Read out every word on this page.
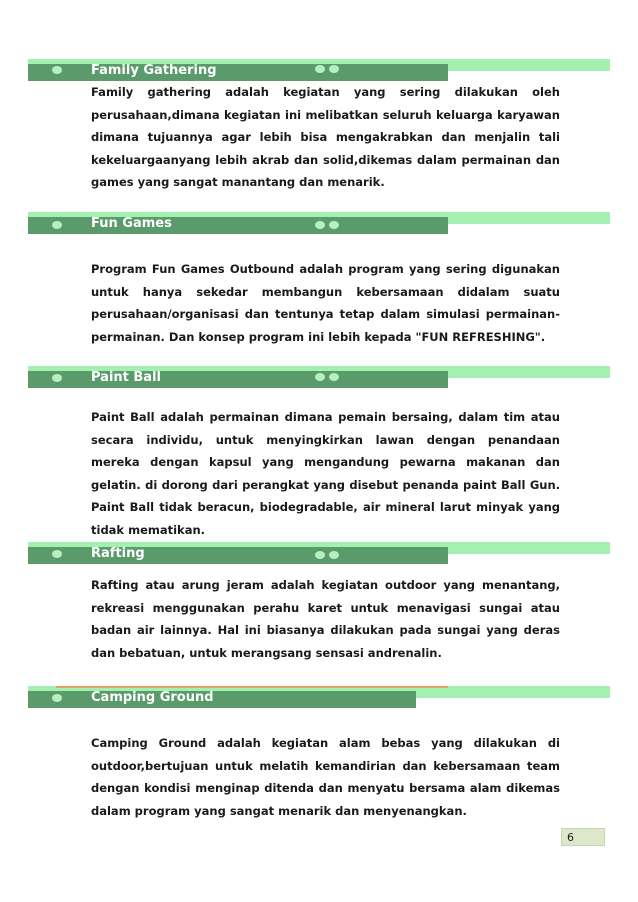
Family Gathering
Family gathering adalah kegiatan yang sering dilakukan oleh perusahaan,dimana kegiatan ini melibatkan seluruh keluarga karyawan dimana tujuannya agar lebih bisa mengakrabkan dan menjalin tali kekeluargaanyang lebih akrab dan solid,dikemas dalam permainan dan games yang sangat manantang dan menarik.
Fun Games
Program Fun Games Outbound adalah program yang sering digunakan untuk hanya sekedar membangun kebersamaan didalam suatu perusahaan/organisasi dan tentunya tetap dalam simulasi permainan-permainan. Dan konsep program ini lebih kepada "FUN REFRESHING".
Paint Ball
Paint Ball adalah permainan dimana pemain bersaing, dalam tim atau secara individu, untuk menyingkirkan lawan dengan penandaan mereka dengan kapsul yang mengandung pewarna makanan dan gelatin. di dorong dari perangkat yang disebut penanda paint Ball Gun. Paint Ball tidak beracun, biodegradable, air mineral larut minyak yang tidak mematikan.
Rafting
Rafting atau arung jeram adalah kegiatan outdoor yang menantang, rekreasi menggunakan perahu karet untuk menavigasi sungai atau badan air lainnya. Hal ini biasanya dilakukan pada sungai yang deras dan bebatuan, untuk merangsang sensasi andrenalin.
Camping Ground
Camping Ground adalah kegiatan alam bebas yang dilakukan di outdoor,bertujuan untuk melatih kemandirian dan kebersamaan team dengan kondisi menginap ditenda dan menyatu bersama alam dikemas dalam program yang sangat menarik dan menyenangkan.
6
